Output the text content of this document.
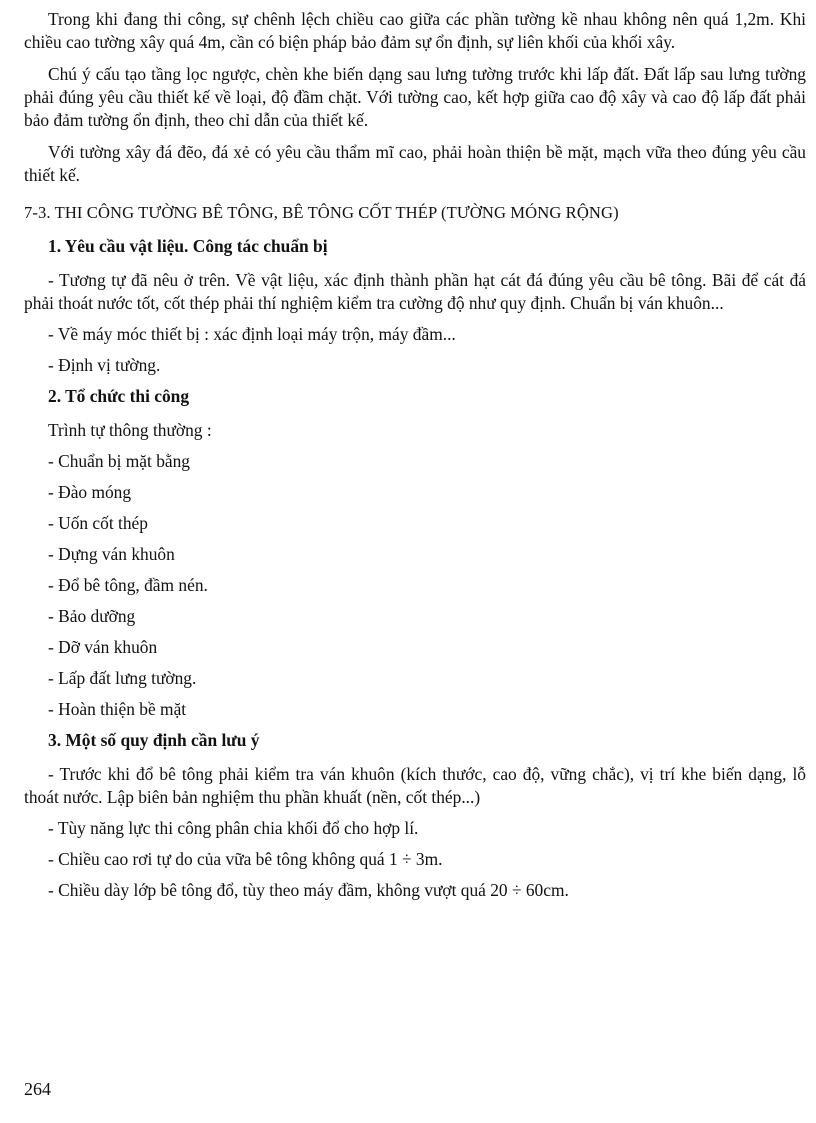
Trong khi đang thi công, sự chênh lệch chiều cao giữa các phần tường kề nhau không nên quá 1,2m. Khi chiều cao tường xây quá 4m, cần có biện pháp bảo đảm sự ổn định, sự liên khối của khối xây.

Chú ý cấu tạo tầng lọc ngược, chèn khe biến dạng sau lưng tường trước khi lấp đất. Đất lấp sau lưng tường phải đúng yêu cầu thiết kế về loại, độ đầm chặt. Với tường cao, kết hợp giữa cao độ xây và cao độ lấp đất phải bảo đảm tường ổn định, theo chỉ dẫn của thiết kế.

Với tường xây đá đẽo, đá xẻ có yêu cầu thẩm mĩ cao, phải hoàn thiện bề mặt, mạch vữa theo đúng yêu cầu thiết kế.

7-3. THI CÔNG TƯỜNG BÊ TÔNG, BÊ TÔNG CỐT THÉP (TƯỜNG MÓNG RỘNG)
1. Yêu cầu vật liệu. Công tác chuẩn bị

- Tương tự đã nêu ở trên. Về vật liệu, xác định thành phần hạt cát đá đúng yêu cầu bê tông. Bãi để cát đá phải thoát nước tốt, cốt thép phải thí nghiệm kiểm tra cường độ như quy định. Chuẩn bị ván khuôn...

- Về máy móc thiết bị : xác định loại máy trộn, máy đầm...
- Định vị tường.
2. Tổ chức thi công
Trình tự thông thường :
- Chuẩn bị mặt bằng
- Đào móng
- Uốn cốt thép
- Dựng ván khuôn
- Đổ bê tông, đầm nén.
- Bảo dưỡng
- Dỡ ván khuôn
- Lấp đất lưng tường.
- Hoàn thiện bề mặt
3. Một số quy định cần lưu ý

- Trước khi đổ bê tông phải kiểm tra ván khuôn (kích thước, cao độ, vững chắc), vị trí khe biến dạng, lỗ thoát nước. Lập biên bản nghiệm thu phần khuất (nền, cốt thép...)

- Tùy năng lực thi công phân chia khối đổ cho hợp lí.
- Chiều cao rơi tự do của vữa bê tông không quá 1 ÷ 3m.
- Chiều dày lớp bê tông đổ, tùy theo máy đầm, không vượt quá 20 ÷ 60cm.
264
